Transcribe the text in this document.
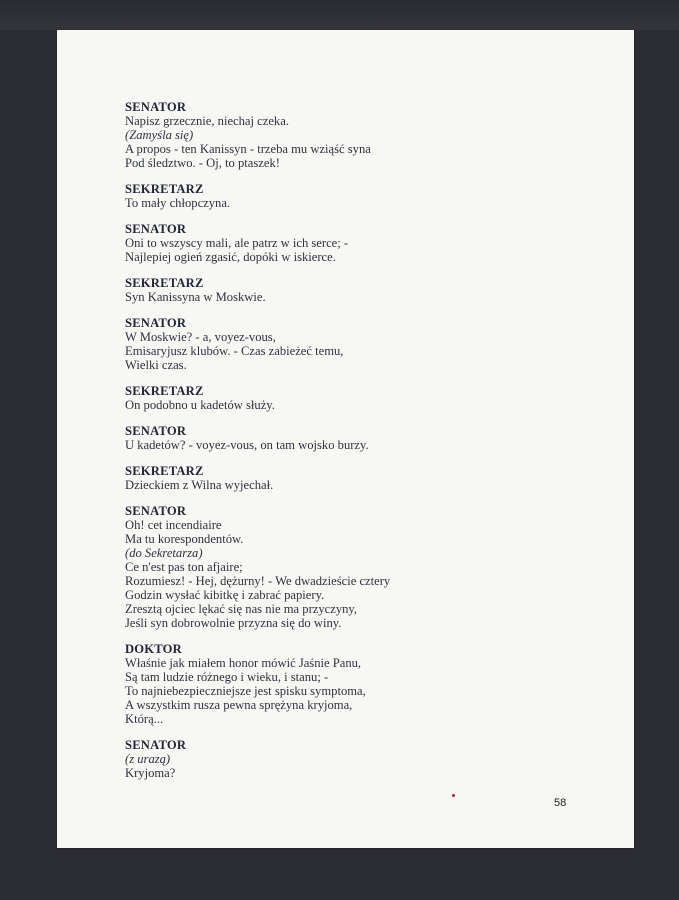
SENATOR
Napisz grzecznie, niechaj czeka.
(Zamyśla się)
A propos - ten Kanissyn - trzeba mu wziąść syna
Pod śledztwo. - Oj, to ptaszek!
SEKRETARZ
To mały chłopczyna.
SENATOR
Oni to wszyscy mali, ale patrz w ich serce; -
Najlepiej ogień zgasić, dopóki w iskierce.
SEKRETARZ
Syn Kanissyna w Moskwie.
SENATOR
W Moskwie? - a, voyez-vous,
Emisaryjusz klubów. - Czas zabieżeć temu,
Wielki czas.
SEKRETARZ
On podobno u kadetów służy.
SENATOR
U kadetów? - voyez-vous, on tam wojsko burzy.
SEKRETARZ
Dzieckiem z Wilna wyjechał.
SENATOR
Oh! cet incendiaire
Ma tu korespondentów.
(do Sekretarza)
Ce n'est pas ton afjaire;
Rozumiesz! - Hej, dężurny! - We dwadzieście cztery
Godzin wysłać kibitkę i zabrać papiery.
Zresztą ojciec lękać się nas nie ma przyczyny,
Jeśli syn dobrowolnie przyzna się do winy.
DOKTOR
Właśnie jak miałem honor mówić Jaśnie Panu,
Są tam ludzie różnego i wieku, i stanu; -
To najniebezpieczniejsze jest spisku symptoma,
A wszystkim rusza pewna sprężyna kryjoma,
Którą...
SENATOR
(z urazą)
Kryjoma?
58
